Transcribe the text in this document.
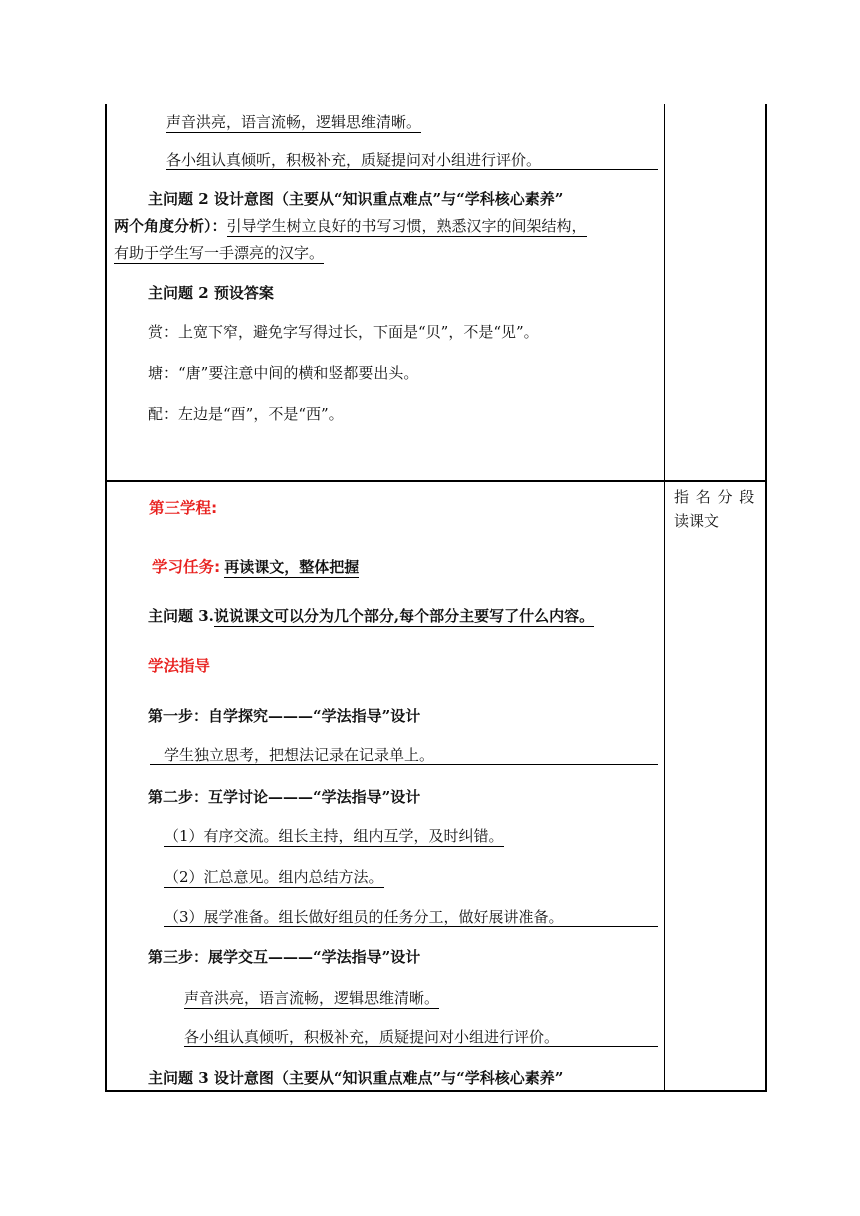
声音洪亮，语言流畅，逻辑思维清晰。
各小组认真倾听，积极补充，质疑提问对小组进行评价。
主问题 2 设计意图（主要从“知识重点难点”与“学科核心素养”
两个角度分析）：引导学生树立良好的书写习惯，熟悉汉字的间架结构，
有助于学生写一手漂亮的汉字。
主问题 2 预设答案
赏：上宽下窄，避免字写得过长，下面是“贝”，不是“见”。
塘：“唐”要注意中间的横和竖都要出头。
配：左边是“酉”，不是“西”。
第三学程:
学习任务: 再读课文，整体把握
主问题 3.说说课文可以分为几个部分,每个部分主要写了什么内容。
学法指导
第一步：自学探究———“学法指导”设计
学生独立思考，把想法记录在记录单上。
第二步：互学讨论———“学法指导”设计
（1）有序交流。组长主持，组内互学，及时纠错。
（2）汇总意见。组内总结方法。
（3）展学准备。组长做好组员的任务分工，做好展讲准备。
第三步：展学交互———“学法指导”设计
声音洪亮，语言流畅，逻辑思维清晰。
各小组认真倾听，积极补充，质疑提问对小组进行评价。
主问题 3 设计意图（主要从“知识重点难点”与“学科核心素养”
指 名 分 段
读课文
